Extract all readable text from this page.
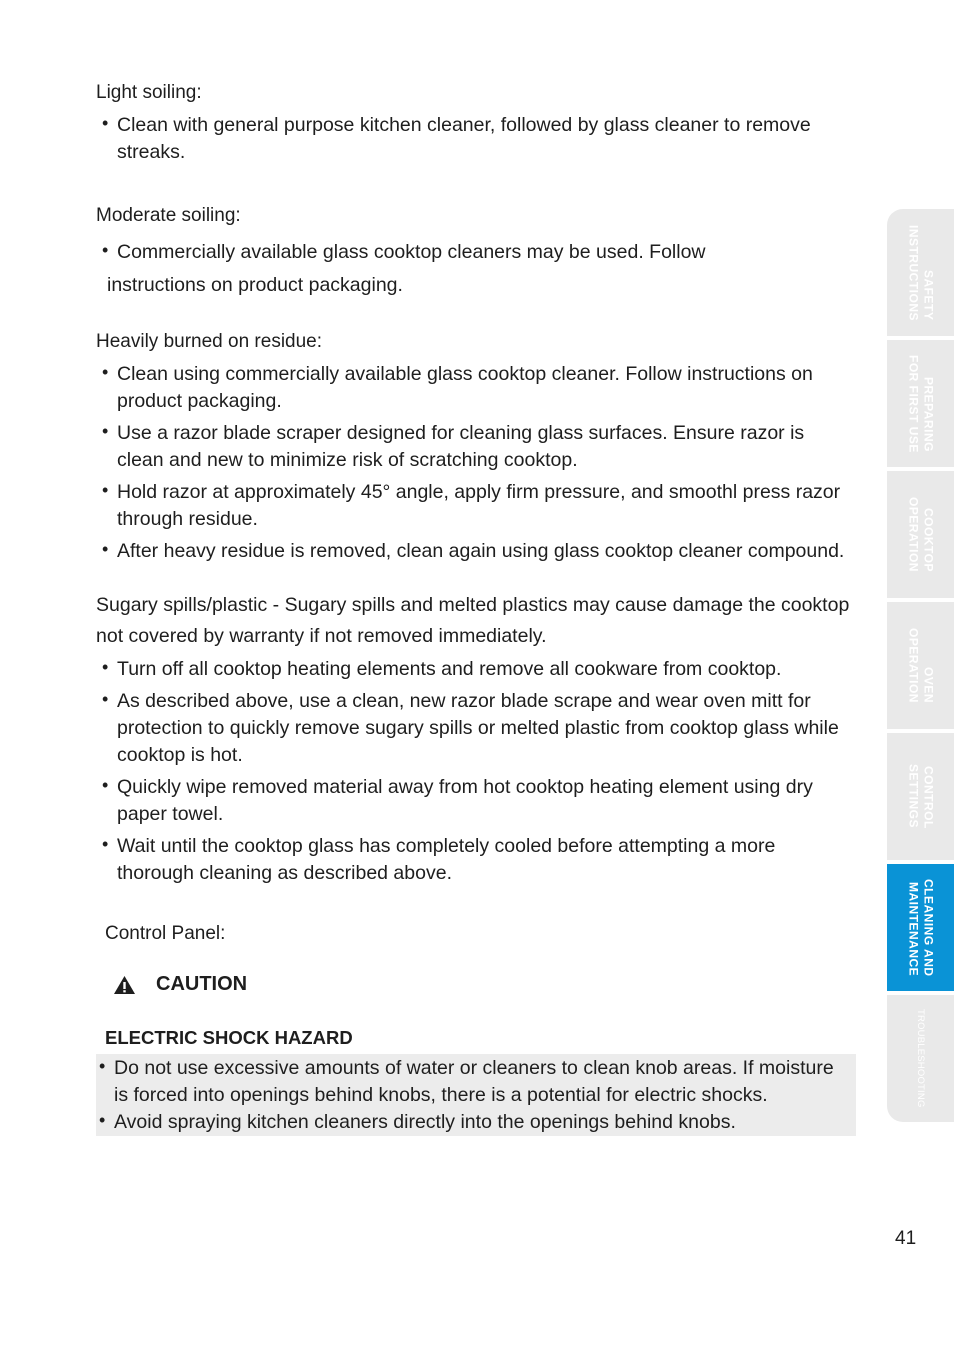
Light soiling:

• Clean with general purpose kitchen cleaner, followed by glass cleaner to remove streaks.

Moderate soiling:

• Commercially available glass cooktop cleaners may be used. Follow

instructions on product packaging.

Heavily burned on residue:

• Clean using commercially available glass cooktop cleaner. Follow instructions on product packaging.
• Use a razor blade scraper designed for cleaning glass surfaces. Ensure razor is clean and new to minimize risk of scratching cooktop.
• Hold razor at approximately 45° angle, apply firm pressure, and smoothl press razor through residue.
• After heavy residue is removed, clean again using glass cooktop cleaner compound.

Sugary spills/plastic - Sugary spills and melted plastics may cause damage the cooktop not covered by warranty if not removed immediately.

• Turn off all cooktop heating elements and remove all cookware from cooktop.
• As described above, use a clean, new razor blade scrape and wear oven mitt for protection to quickly remove sugary spills or melted plastic from cooktop glass while cooktop is hot.
• Quickly wipe removed material away from hot cooktop heating element using dry paper towel.
• Wait until the cooktop glass has completely cooled before attempting a more thorough cleaning as described above.

Control Panel:

CAUTION

ELECTRIC SHOCK HAZARD

• Do not use excessive amounts of water or cleaners to clean knob areas. If moisture is forced into openings behind knobs, there is a potential for electric shocks.
• Avoid spraying kitchen cleaners directly into the openings behind knobs.
SAFETY
INSTRUCTIONS
PREPARING
FOR FIRST USE
COOKTOP
OPERATION
OVEN
OPERATION
CONTROL
SETTINGS
CLEANING AND
MAINTENANCE
TROUBLESHOOTING
41
